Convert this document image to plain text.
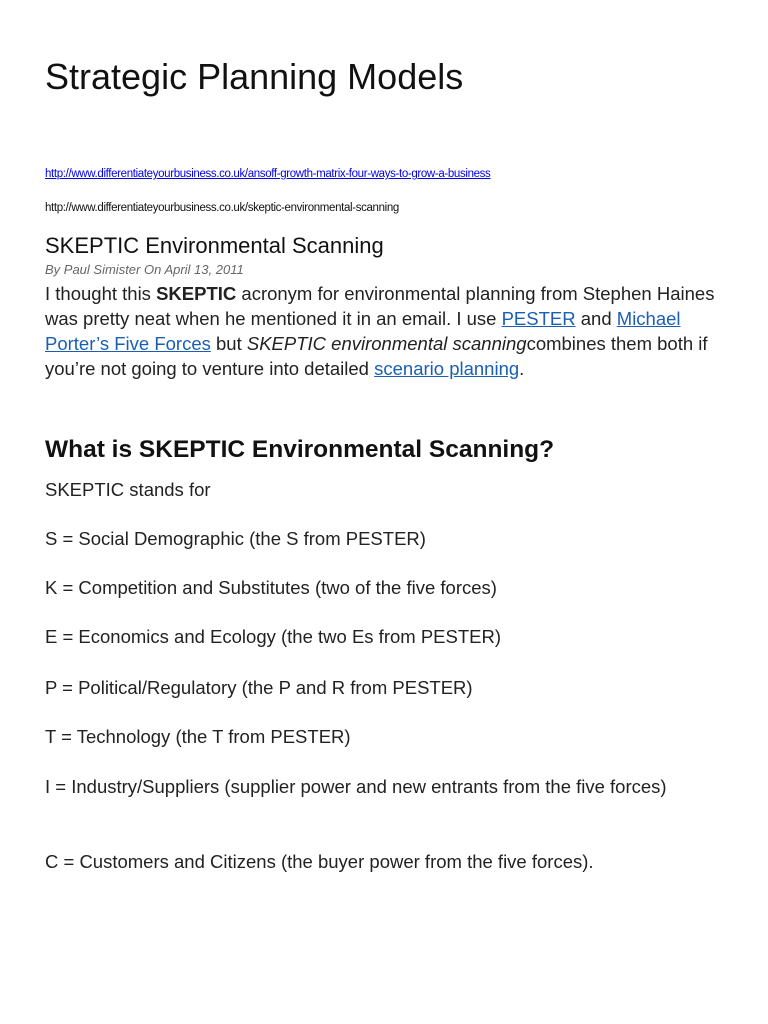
Strategic Planning Models
http://www.differentiateyourbusiness.co.uk/ansoff-growth-matrix-four-ways-to-grow-a-business
http://www.differentiateyourbusiness.co.uk/skeptic-environmental-scanning
SKEPTIC Environmental Scanning
By Paul Simister On April 13, 2011
I thought this SKEPTIC acronym for environmental planning from Stephen Haines was pretty neat when he mentioned it in an email. I use PESTER and Michael Porter’s Five Forces but SKEPTIC environmental scanningcombines them both if you’re not going to venture into detailed scenario planning.
What is SKEPTIC Environmental Scanning?

SKEPTIC stands for

S = Social Demographic (the S from PESTER)

K = Competition and Substitutes (two of the five forces)

E = Economics and Ecology (the two Es from PESTER)

P = Political/Regulatory (the P and R from PESTER)

T = Technology (the T from PESTER)

I = Industry/Suppliers (supplier power and new entrants from the five forces)

C = Customers and Citizens (the buyer power from the five forces).
